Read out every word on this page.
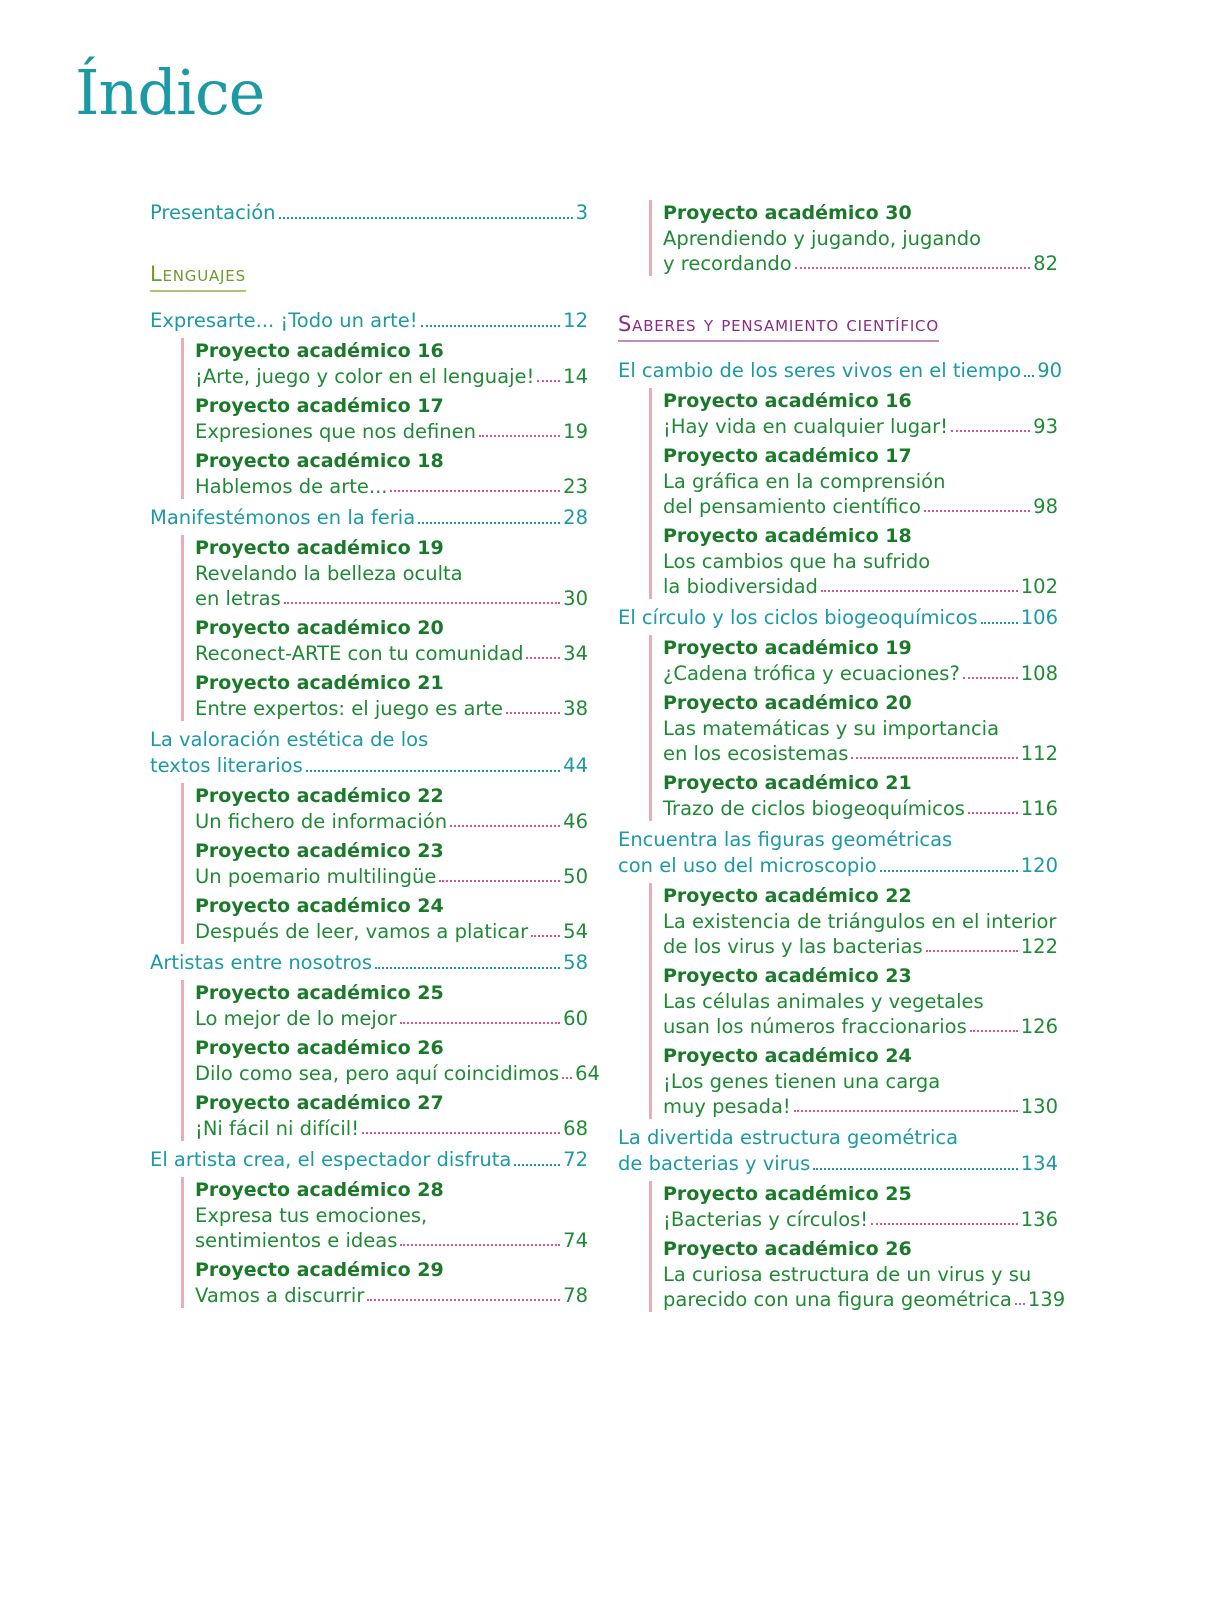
Índice
Presentación	3
Lenguajes
Expresarte... ¡Todo un arte!	12
Proyecto académico 16
¡Arte, juego y color en el lenguaje! 14
Proyecto académico 17
Expresiones que nos definen	19
Proyecto académico 18
Hablemos de arte...	23
Manifestémonos en la feria	28
Proyecto académico 19
Revelando la belleza oculta
en letras	30
Proyecto académico 20
Reconect-ARTE con tu comunidad 34
Proyecto académico 21
Entre expertos: el juego es arte	38
La valoración estética de los
textos literarios	44
Proyecto académico 22
Un fichero de información	46
Proyecto académico 23
Un poemario multilingüe	50
Proyecto académico 24
Después de leer, vamos a platicar 54
Artistas entre nosotros	58
Proyecto académico 25
Lo mejor de lo mejor	60
Proyecto académico 26
Dilo como sea, pero aquí coincidimos 64
Proyecto académico 27
¡Ni fácil ni difícil!	68
El artista crea, el espectador disfruta	72
Proyecto académico 28
Expresa tus emociones,
sentimientos e ideas	74
Proyecto académico 29
Vamos a discurrir	78
Proyecto académico 30
Aprendiendo y jugando, jugando
y recordando	82
Saberes y pensamiento científico
El cambio de los seres vivos en el tiempo 90
Proyecto académico 16
¡Hay vida en cualquier lugar!	93
Proyecto académico 17
La gráfica en la comprensión
del pensamiento científico	98
Proyecto académico 18
Los cambios que ha sufrido
la biodiversidad	102
El círculo y los ciclos biogeoquímicos 106
Proyecto académico 19
¿Cadena trófica y ecuaciones?	108
Proyecto académico 20
Las matemáticas y su importancia
en los ecosistemas	112
Proyecto académico 21
Trazo de ciclos biogeoquímicos	116
Encuentra las figuras geométricas
con el uso del microscopio	120
Proyecto académico 22
La existencia de triángulos en el interior
de los virus y las bacterias	122
Proyecto académico 23
Las células animales y vegetales
usan los números fraccionarios	126
Proyecto académico 24
¡Los genes tienen una carga
muy pesada!	130
La divertida estructura geométrica
de bacterias y virus	134
Proyecto académico 25
¡Bacterias y círculos!	136
Proyecto académico 26
La curiosa estructura de un virus y su
parecido con una figura geométrica 139
